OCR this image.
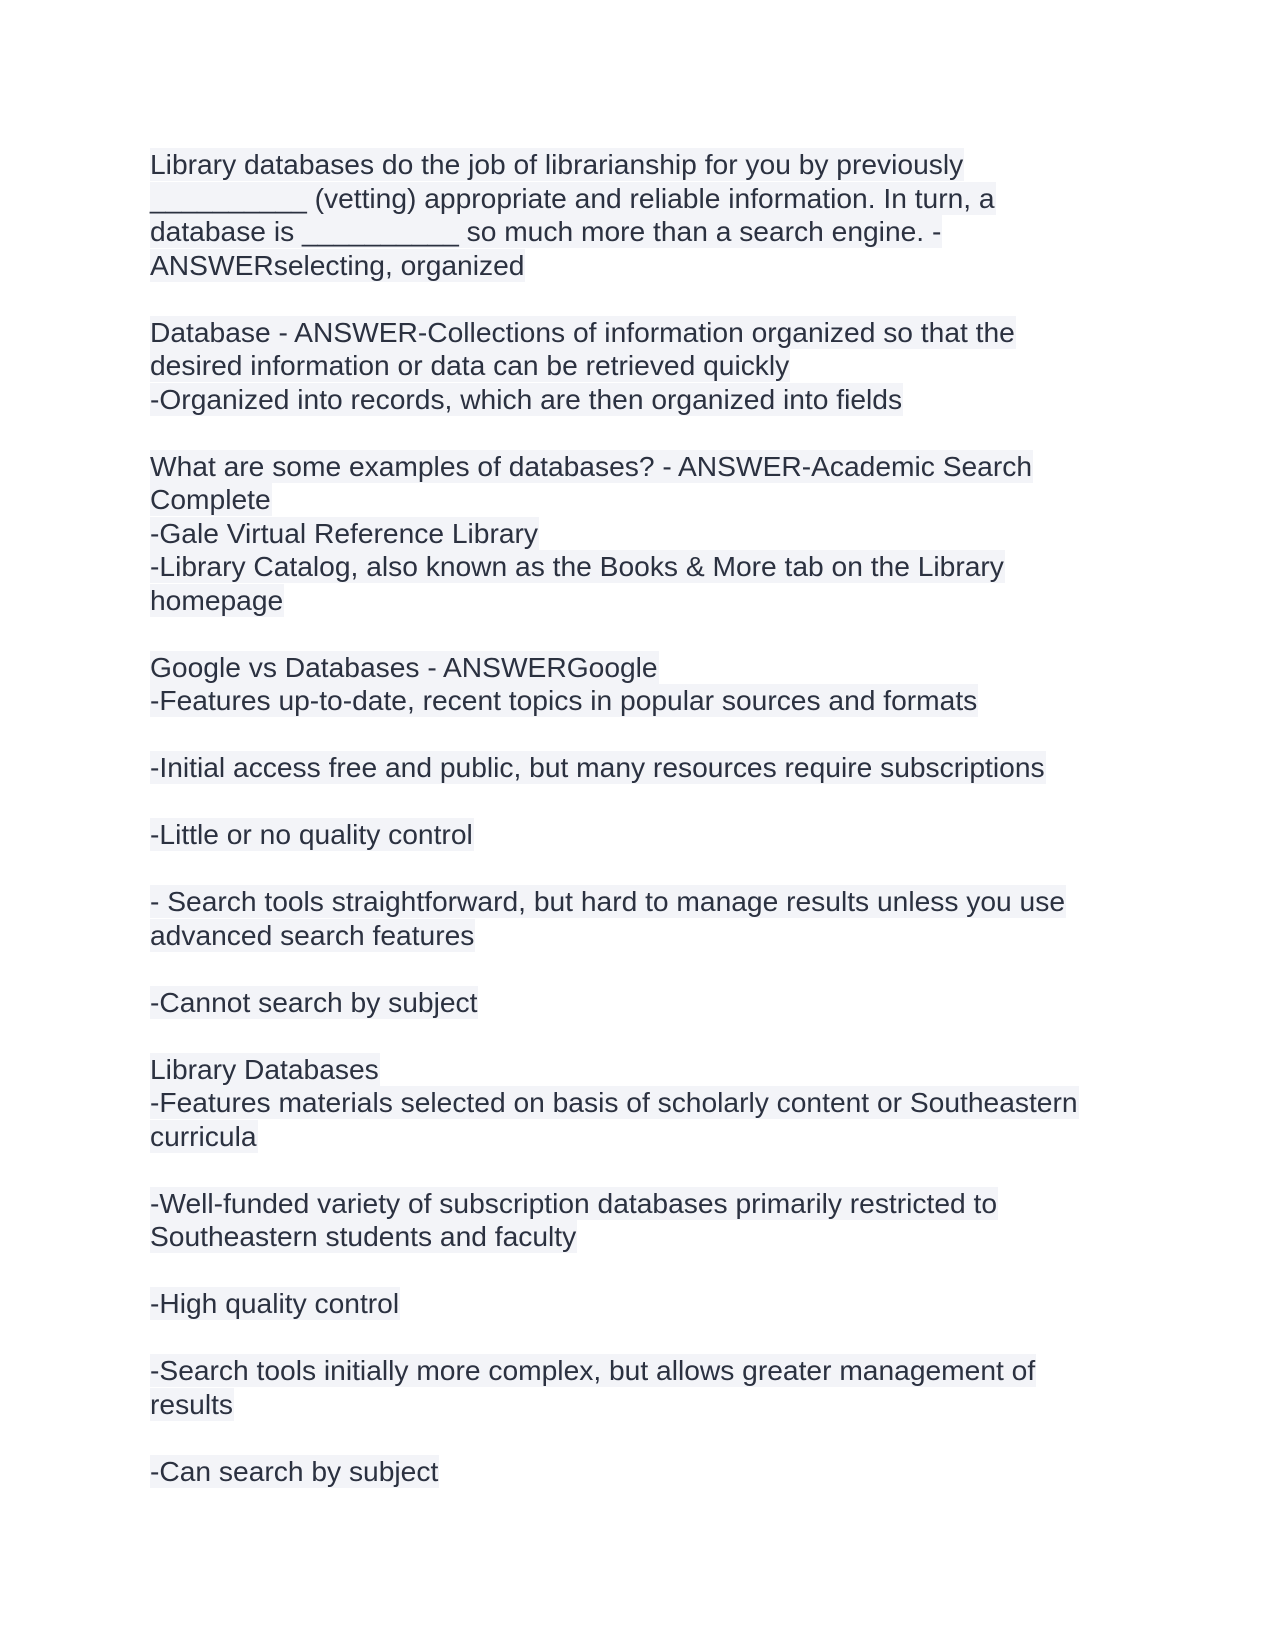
Library databases do the job of librarianship for you by previously
__________ (vetting) appropriate and reliable information. In turn, a
database is __________ so much more than a search engine. -
ANSWERselecting, organized
Database - ANSWER-Collections of information organized so that the
desired information or data can be retrieved quickly
-Organized into records, which are then organized into fields
What are some examples of databases? - ANSWER-Academic Search
Complete
-Gale Virtual Reference Library
-Library Catalog, also known as the Books & More tab on the Library
homepage
Google vs Databases - ANSWERGoogle
-Features up-to-date, recent topics in popular sources and formats
-Initial access free and public, but many resources require subscriptions
-Little or no quality control
- Search tools straightforward, but hard to manage results unless you use
advanced search features
-Cannot search by subject
Library Databases
-Features materials selected on basis of scholarly content or Southeastern
curricula
-Well-funded variety of subscription databases primarily restricted to
Southeastern students and faculty
-High quality control
-Search tools initially more complex, but allows greater management of
results
-Can search by subject
